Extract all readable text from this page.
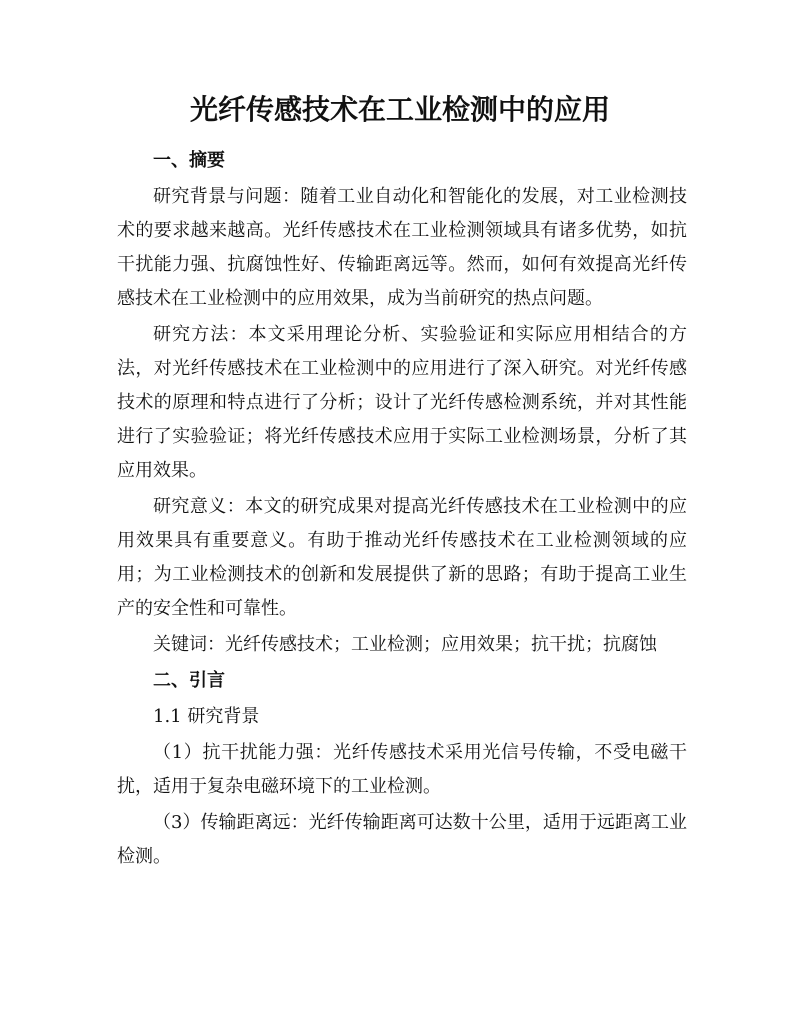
光纤传感技术在工业检测中的应用
一、摘要

研究背景与问题：随着工业自动化和智能化的发展，对工业检测技术的要求越来越高。光纤传感技术在工业检测领域具有诸多优势，如抗干扰能力强、抗腐蚀性好、传输距离远等。然而，如何有效提高光纤传感技术在工业检测中的应用效果，成为当前研究的热点问题。

研究方法：本文采用理论分析、实验验证和实际应用相结合的方法，对光纤传感技术在工业检测中的应用进行了深入研究。对光纤传感技术的原理和特点进行了分析；设计了光纤传感检测系统，并对其性能进行了实验验证；将光纤传感技术应用于实际工业检测场景，分析了其应用效果。

研究意义：本文的研究成果对提高光纤传感技术在工业检测中的应用效果具有重要意义。有助于推动光纤传感技术在工业检测领域的应用；为工业检测技术的创新和发展提供了新的思路；有助于提高工业生产的安全性和可靠性。

关键词：光纤传感技术；工业检测；应用效果；抗干扰；抗腐蚀

二、引言

1.1 研究背景

（1）抗干扰能力强：光纤传感技术采用光信号传输，不受电磁干扰，适用于复杂电磁环境下的工业检测。

（3）传输距离远：光纤传输距离可达数十公里，适用于远距离工业检测。
